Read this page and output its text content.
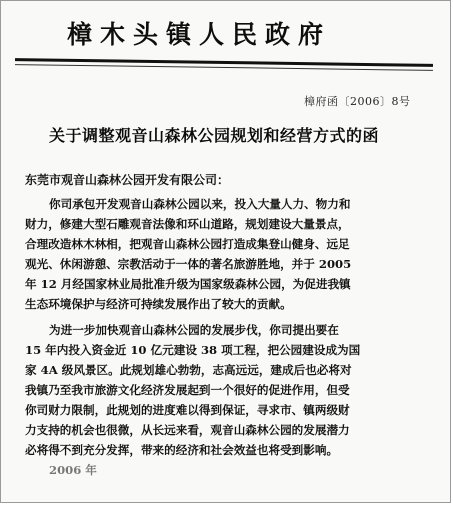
樟木头镇人民政府
樟府函〔2006〕8号
关于调整观音山森林公园规划和经营方式的函
东莞市观音山森林公园开发有限公司：
你司承包开发观音山森林公园以来，投入大量人力、物力和
财力，修建大型石雕观音法像和环山道路，规划建设大量景点，
合理改造林木林相，把观音山森林公园打造成集登山健身、远足
观光、休闲游憩、宗教活动于一体的著名旅游胜地，并于 2005
年 12 月经国家林业局批准升级为国家级森林公园，为促进我镇
生态环境保护与经济可持续发展作出了较大的贡献。
为进一步加快观音山森林公园的发展步伐，你司提出要在
15 年内投入资金近 10 亿元建设 38 项工程，把公园建设成为国
家 4A 级风景区。此规划雄心勃勃，志高远远，建成后也必将对
我镇乃至我市旅游文化经济发展起到一个很好的促进作用，但受
你司财力限制，此规划的进度难以得到保证，寻求市、镇两级财
力支持的机会也很微，从长远来看，观音山森林公园的发展潜力
必将得不到充分发挥，带来的经济和社会效益也将受到影响。
2006 年
